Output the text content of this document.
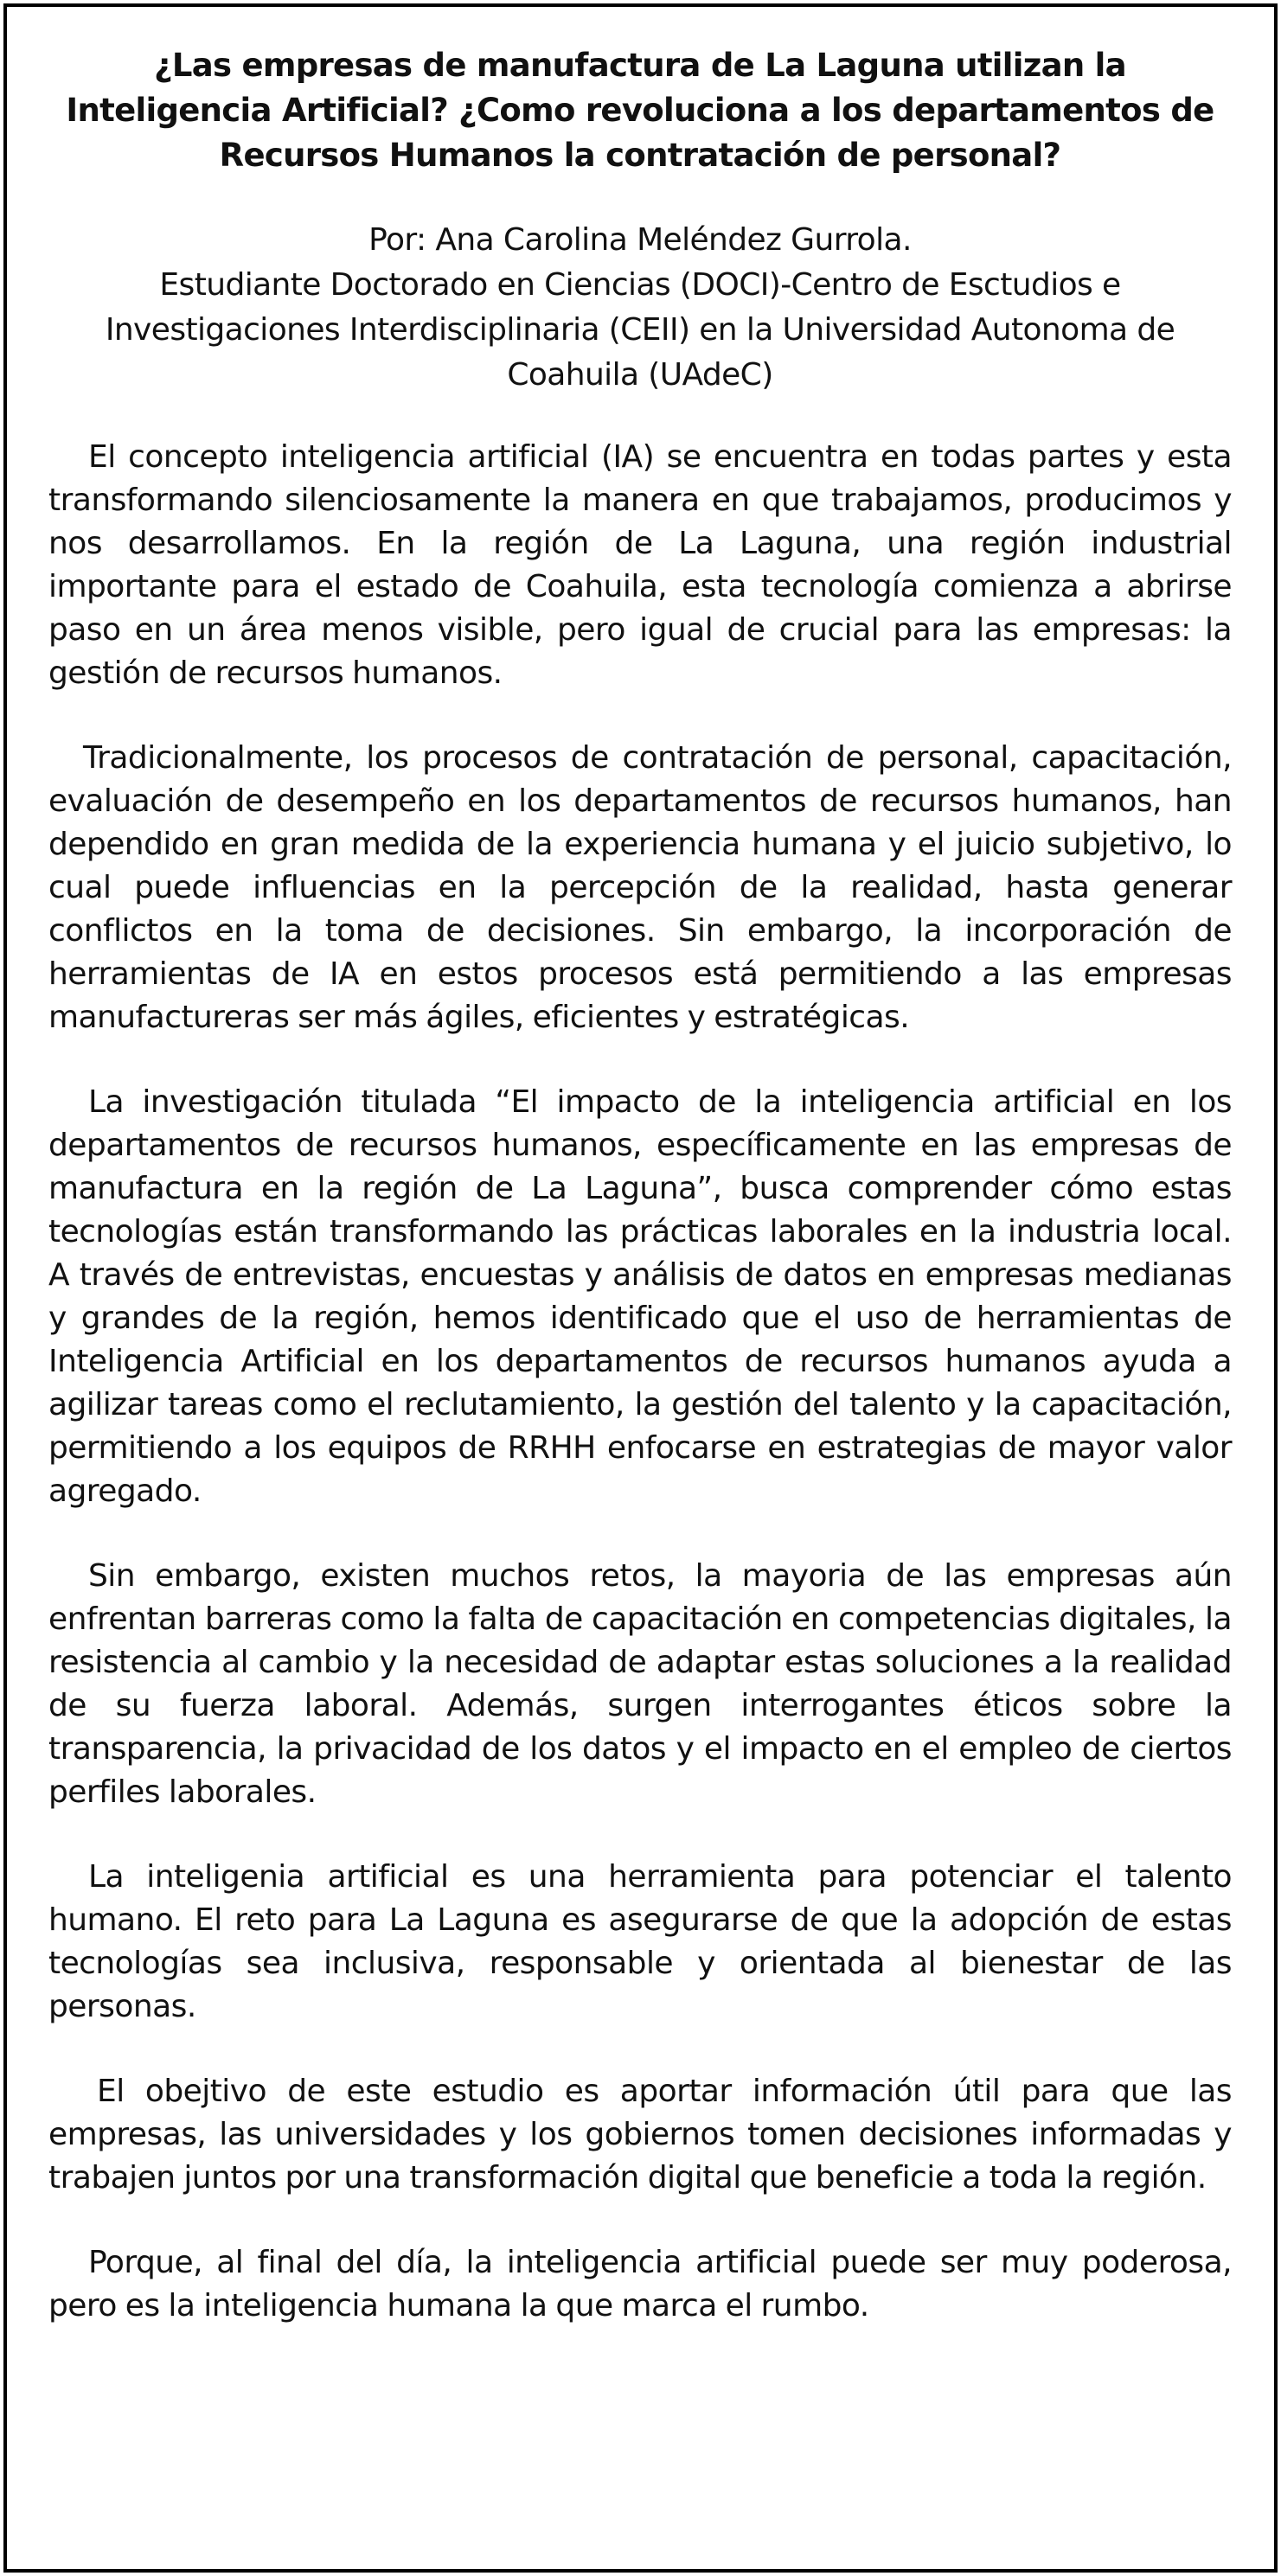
¿Las empresas de manufactura de La Laguna utilizan la Inteligencia Artificial? ¿Como revoluciona a los departamentos de Recursos Humanos la contratación de personal?
Por: Ana Carolina Meléndez Gurrola.
Estudiante Doctorado en Ciencias (DOCI)-Centro de Esctudios e Investigaciones Interdisciplinaria (CEII) en la Universidad Autonoma de Coahuila (UAdeC)

El concepto inteligencia artificial (IA) se encuentra en todas partes y esta transformando silenciosamente la manera en que trabajamos, producimos y nos desarrollamos. En la región de La Laguna, una región industrial importante para el estado de Coahuila, esta tecnología comienza a abrirse paso en un área menos visible, pero igual de crucial para las empresas: la gestión de recursos humanos.

Tradicionalmente, los procesos de contratación de personal, capacitación, evaluación de desempeño en los departamentos de recursos humanos, han dependido en gran medida de la experiencia humana y el juicio subjetivo, lo cual puede influencias en la percepción de la realidad, hasta generar conflictos en la toma de decisiones. Sin embargo, la incorporación de herramientas de IA en estos procesos está permitiendo a las empresas manufactureras ser más ágiles, eficientes y estratégicas.

La investigación titulada “El impacto de la inteligencia artificial en los departamentos de recursos humanos, específicamente en las empresas de manufactura en la región de La Laguna”, busca comprender cómo estas tecnologías están transformando las prácticas laborales en la industria local. A través de entrevistas, encuestas y análisis de datos en empresas medianas y grandes de la región, hemos identificado que el uso de herramientas de Inteligencia Artificial en los departamentos de recursos humanos ayuda a agilizar tareas como el reclutamiento, la gestión del talento y la capacitación, permitiendo a los equipos de RRHH enfocarse en estrategias de mayor valor agregado.

Sin embargo, existen muchos retos, la mayoria de las empresas aún enfrentan barreras como la falta de capacitación en competencias digitales, la resistencia al cambio y la necesidad de adaptar estas soluciones a la realidad de su fuerza laboral. Además, surgen interrogantes éticos sobre la transparencia, la privacidad de los datos y el impacto en el empleo de ciertos perfiles laborales.

La inteligenia artificial es una herramienta para potenciar el talento humano. El reto para La Laguna es asegurarse de que la adopción de estas tecnologías sea inclusiva, responsable y orientada al bienestar de las personas.

El obejtivo de este estudio es aportar información útil para que las empresas, las universidades y los gobiernos tomen decisiones informadas y trabajen juntos por una transformación digital que beneficie a toda la región.

Porque, al final del día, la inteligencia artificial puede ser muy poderosa, pero es la inteligencia humana la que marca el rumbo.
